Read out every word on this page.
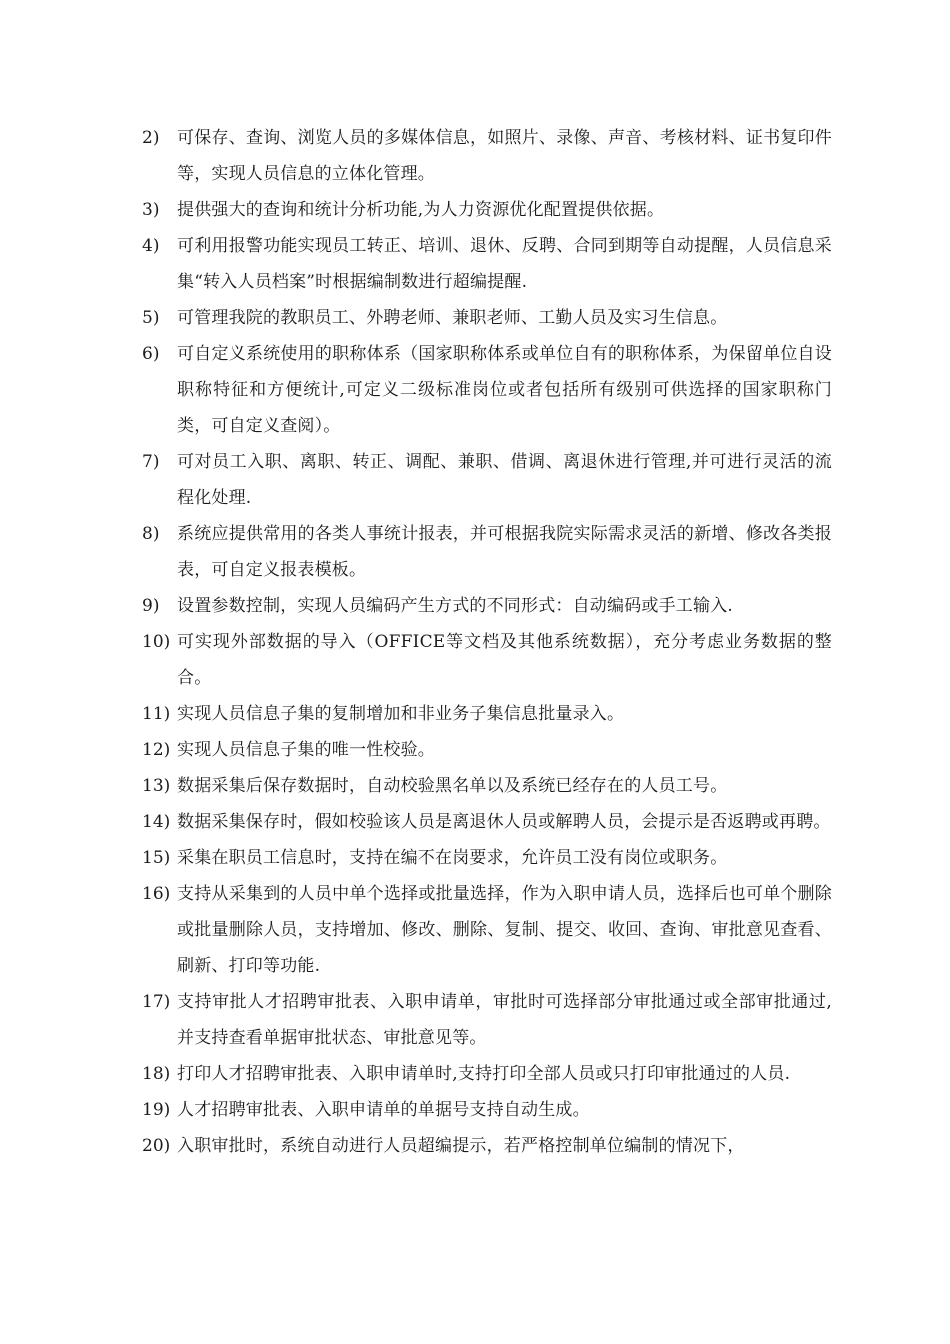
2)	可保存、查询、浏览人员的多媒体信息，如照片、录像、声音、考核材料、证书复印件等，实现人员信息的立体化管理。
3)	提供强大的查询和统计分析功能,为人力资源优化配置提供依据。
4)	可利用报警功能实现员工转正、培训、退休、反聘、合同到期等自动提醒，人员信息采集“转入人员档案”时根据编制数进行超编提醒.
5)	可管理我院的教职员工、外聘老师、兼职老师、工勤人员及实习生信息。
6)	可自定义系统使用的职称体系（国家职称体系或单位自有的职称体系，为保留单位自设职称特征和方便统计,可定义二级标准岗位或者包括所有级别可供选择的国家职称门类，可自定义查阅）。
7)	可对员工入职、离职、转正、调配、兼职、借调、离退休进行管理,并可进行灵活的流程化处理.
8)	系统应提供常用的各类人事统计报表，并可根据我院实际需求灵活的新增、修改各类报表，可自定义报表模板。
9)	设置参数控制，实现人员编码产生方式的不同形式：自动编码或手工输入.
10) 可实现外部数据的导入（OFFICE等文档及其他系统数据），充分考虑业务数据的整合。
11) 实现人员信息子集的复制增加和非业务子集信息批量录入。
12) 实现人员信息子集的唯一性校验。
13) 数据采集后保存数据时，自动校验黑名单以及系统已经存在的人员工号。
14) 数据采集保存时，假如校验该人员是离退休人员或解聘人员，会提示是否返聘或再聘。
15) 采集在职员工信息时，支持在编不在岗要求，允许员工没有岗位或职务。
16) 支持从采集到的人员中单个选择或批量选择，作为入职申请人员，选择后也可单个删除或批量删除人员，支持增加、修改、删除、复制、提交、收回、查询、审批意见查看、刷新、打印等功能.
17) 支持审批人才招聘审批表、入职申请单，审批时可选择部分审批通过或全部审批通过,并支持查看单据审批状态、审批意见等。
18) 打印人才招聘审批表、入职申请单时,支持打印全部人员或只打印审批通过的人员.
19) 人才招聘审批表、入职申请单的单据号支持自动生成。
20) 入职审批时，系统自动进行人员超编提示，若严格控制单位编制的情况下，
